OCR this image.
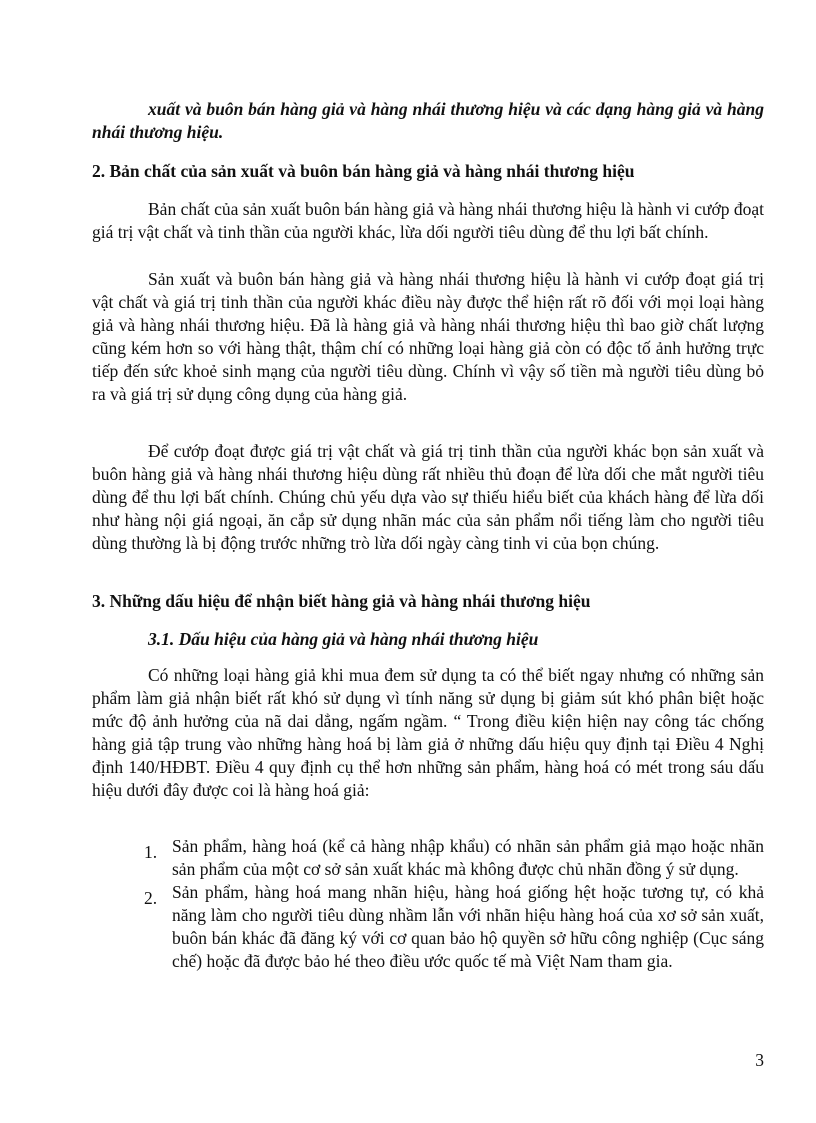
xuất và buôn bán hàng giả và hàng nhái thương hiệu và các dạng hàng giả và hàng nhái thương hiệu.
2. Bản chất của sản xuất và buôn bán hàng giả và hàng nhái thương hiệu
Bản chất của sản xuất buôn bán hàng giả và hàng nhái thương hiệu là hành vi cướp đoạt giá trị vật chất và tinh thần của người khác, lừa dối người tiêu dùng để thu lợi bất chính.
Sản xuất và buôn bán hàng giả và hàng nhái thương hiệu là hành vi cướp đoạt giá trị vật chất và giá trị tinh thần của người khác điều này được thể hiện rất rõ đối với mọi loại hàng giả và hàng nhái thương hiệu. Đã là hàng giả và hàng nhái thương hiệu thì bao giờ chất lượng cũng kém hơn so với hàng thật, thậm chí có những loại hàng giả còn có độc tố ảnh hưởng trực tiếp đến sức khoẻ sinh mạng của người tiêu dùng. Chính vì vậy số tiền mà người tiêu dùng bỏ ra và giá trị sử dụng công dụng của hàng giả.
Để cướp đoạt được giá trị vật chất và giá trị tinh thần của người khác bọn sản xuất và buôn hàng giả và hàng nhái thương hiệu dùng rất nhiều thủ đoạn để lừa dối che mắt người tiêu dùng để thu lợi bất chính. Chúng chủ yếu dựa vào sự thiếu hiểu biết của khách hàng để lừa dối như hàng nội giá ngoại, ăn cắp sử dụng nhãn mác của sản phẩm nổi tiếng làm cho người tiêu dùng thường là bị động trước những trò lừa dối ngày càng tinh vi của bọn chúng.
3. Những dấu hiệu để nhận biết hàng giả và hàng nhái thương hiệu
3.1. Dấu hiệu của hàng giả và hàng nhái thương hiệu
Có những loại hàng giả khi mua đem sử dụng ta có thể biết ngay nhưng có những sản phẩm làm giả nhận biết rất khó sử dụng vì tính năng sử dụng bị giảm sút khó phân biệt hoặc mức độ ảnh hưởng của nã dai dẳng, ngấm ngầm. “ Trong điều kiện hiện nay công tác chống hàng giả tập trung vào những hàng hoá bị làm giả ở những dấu hiệu quy định tại Điều 4 Nghị định 140/HĐBT. Điều 4 quy định cụ thể hơn những sản phẩm, hàng hoá có mét trong sáu dấu hiệu dưới đây được coi là hàng hoá giả:
1. Sản phẩm, hàng hoá (kể cả hàng nhập khẩu) có nhãn sản phẩm giả mạo hoặc nhãn sản phẩm của một cơ sở sản xuất khác mà không được chủ nhãn đồng ý sử dụng.
2. Sản phẩm, hàng hoá mang nhãn hiệu, hàng hoá giống hệt hoặc tương tự, có khả năng làm cho người tiêu dùng nhầm lẫn với nhãn hiệu hàng hoá của xơ sở sản xuất, buôn bán khác đã đăng ký với cơ quan bảo hộ quyền sở hữu công nghiệp (Cục sáng chế) hoặc đã được bảo hé theo điều ước quốc tế mà Việt Nam tham gia.
3
